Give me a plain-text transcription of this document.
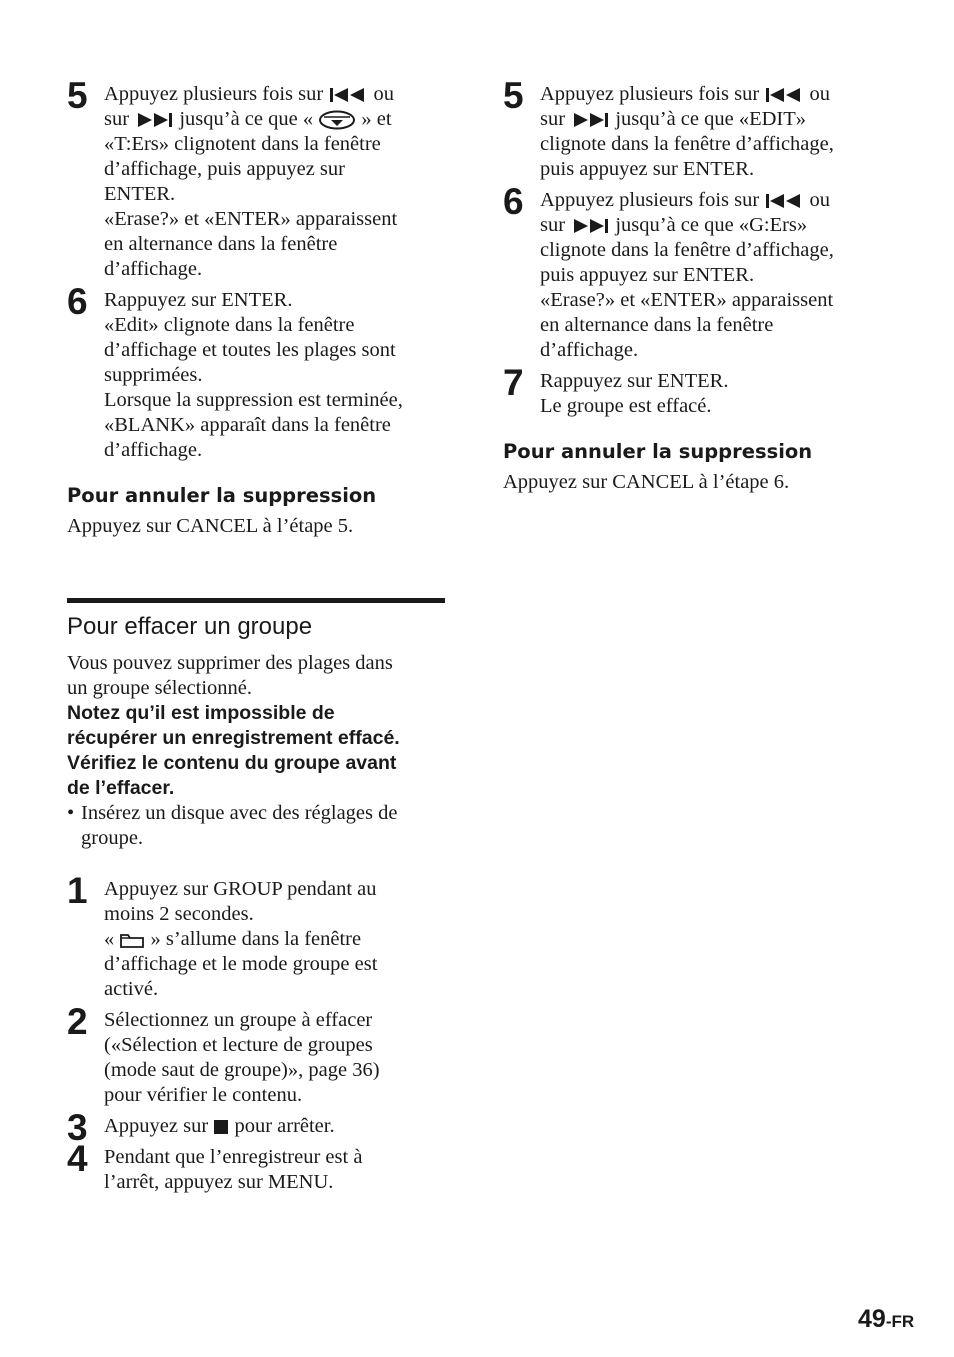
5 Appuyez plusieurs fois sur ou
sur jusqu’à ce que « » et
«T:Ers» clignotent dans la fenêtre
d’affichage, puis appuyez sur
ENTER.

«Erase?» et «ENTER» apparaissent
en alternance dans la fenêtre
d’affichage.

6 Rappuyez sur ENTER.

«Edit» clignote dans la fenêtre
d’affichage et toutes les plages sont
supprimées.
Lorsque la suppression est terminée,
«BLANK» apparaît dans la fenêtre
d’affichage.

Pour annuler la suppression

Appuyez sur CANCEL à l’étape 5.

Pour effacer un groupe

Vous pouvez supprimer des plages dans
un groupe sélectionné.

Notez qu’il est impossible de
récupérer un enregistrement effacé.
Vérifiez le contenu du groupe avant
de l’effacer.

• Insérez un disque avec des réglages de
groupe.

1 Appuyez sur GROUP pendant au
moins 2 secondes.

« » s’allume dans la fenêtre
d’affichage et le mode groupe est
activé.

2 Sélectionnez un groupe à effacer
(«Sélection et lecture de groupes
(mode saut de groupe)», page 36)
pour vérifier le contenu.

3 Appuyez sur pour arrêter.

4 Pendant que l’enregistreur est à
l’arrêt, appuyez sur MENU.

5 Appuyez plusieurs fois sur ou
sur jusqu’à ce que «EDIT»
clignote dans la fenêtre d’affichage,
puis appuyez sur ENTER.

6 Appuyez plusieurs fois sur ou
sur jusqu’à ce que «G:Ers»
clignote dans la fenêtre d’affichage,
puis appuyez sur ENTER.

«Erase?» et «ENTER» apparaissent
en alternance dans la fenêtre
d’affichage.

7 Rappuyez sur ENTER.

Le groupe est effacé.

Pour annuler la suppression

Appuyez sur CANCEL à l’étape 6.

49-FR
